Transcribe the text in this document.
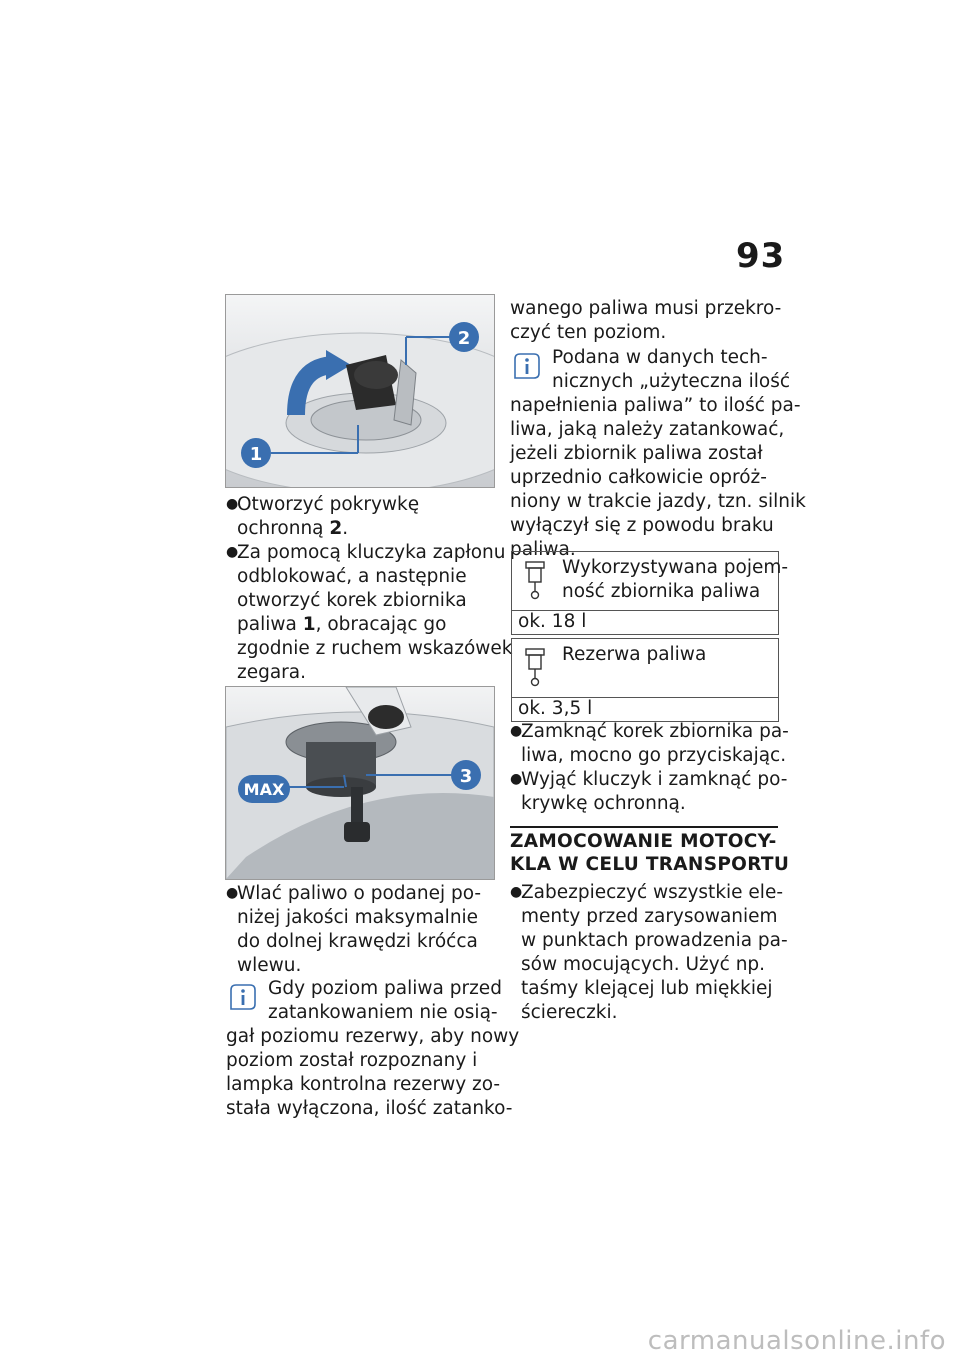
93
2
1
●
Otworzyć pokrywkę
ochronną 2.
●
Za pomocą kluczyka zapłonu
odblokować, a następnie
otworzyć korek zbiornika
paliwa 1, obracając go
zgodnie z ruchem wskazówek
zegara.
MAX
3
●
Wlać paliwo o podanej po-
niżej jakości maksymalnie
do dolnej krawędzi króćca
wlewu.
Gdy poziom paliwa przed
zatankowaniem nie osią-
gał poziomu rezerwy, aby nowy
poziom został rozpoznany i
lampka kontrolna rezerwy zo-
stała wyłączona, ilość zatanko-
wanego paliwa musi przekro-
czyć ten poziom.
Podana w danych tech-
nicznych „użyteczna ilość
napełnienia paliwa” to ilość pa-
liwa, jaką należy zatankować,
jeżeli zbiornik paliwa został
uprzednio całkowicie opróż-
niony w trakcie jazdy, tzn. silnik
wyłączył się z powodu braku
paliwa.
Wykorzystywana pojem-
ność zbiornika paliwa
ok. 18 l
Rezerwa paliwa
ok. 3,5 l
●
Zamknąć korek zbiornika pa-
liwa, mocno go przyciskając.
●
Wyjąć kluczyk i zamknąć po-
krywkę ochronną.
ZAMOCOWANIE MOTOCY-
KLA W CELU TRANSPORTU
●
Zabezpieczyć wszystkie ele-
menty przed zarysowaniem
w punktach prowadzenia pa-
sów mocujących. Użyć np.
taśmy klejącej lub miękkiej
ściereczki.
carmanualsonline.info
